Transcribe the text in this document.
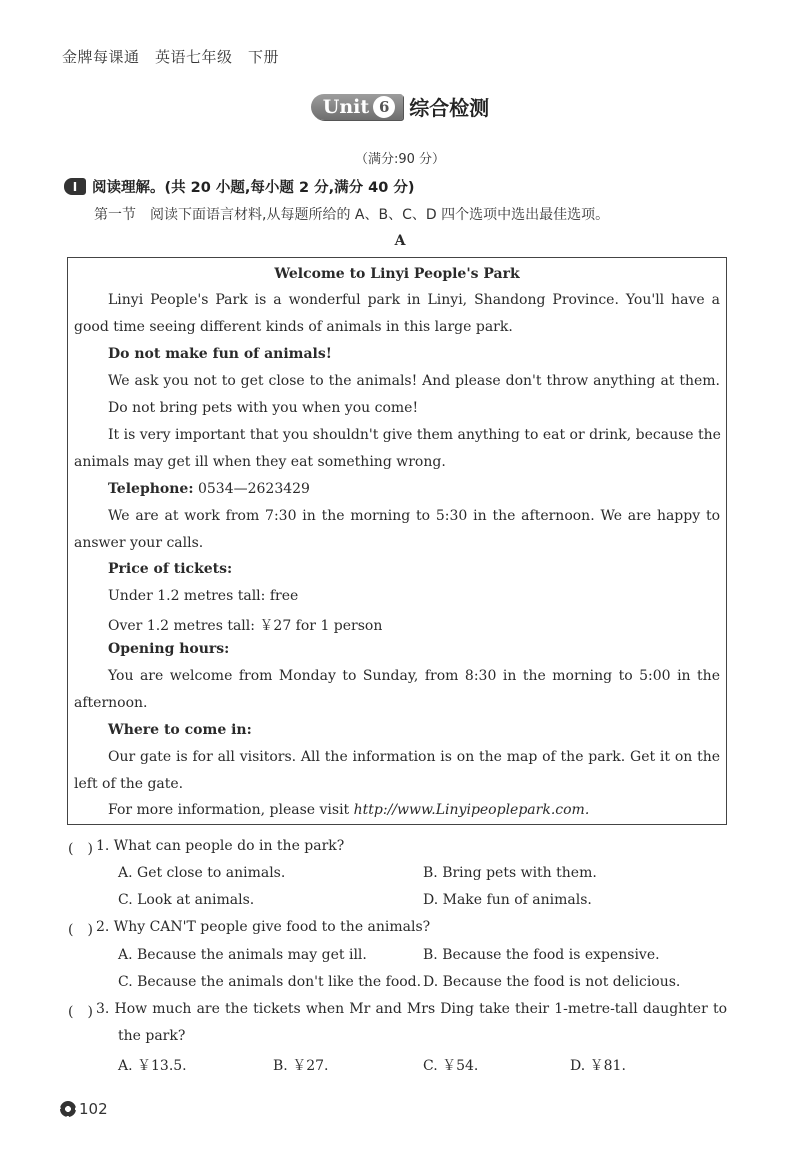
金牌每课通　英语七年级　下册
Unit 6 综合检测
（满分:90 分）
Ⅰ	阅读理解。(共 20 小题,每小题 2 分,满分 40 分)
第一节　阅读下面语言材料,从每题所给的 A、B、C、D 四个选项中选出最佳选项。
A
Welcome to Linyi People's Park
Linyi People's Park is a wonderful park in Linyi, Shandong Province. You'll have a
good time seeing different kinds of animals in this large park.
Do not make fun of animals!
We ask you not to get close to the animals! And please don't throw anything at them.
Do not bring pets with you when you come!
It is very important that you shouldn't give them anything to eat or drink, because the
animals may get ill when they eat something wrong.
Telephone: 0534—2623429
We are at work from 7:30 in the morning to 5:30 in the afternoon. We are happy to
answer your calls.
Price of tickets:
Under 1.2 metres tall: free
Over 1.2 metres tall: ￥27 for 1 person
Opening hours:
You are welcome from Monday to Sunday, from 8:30 in the morning to 5:00 in the
afternoon.
Where to come in:
Our gate is for all visitors. All the information is on the map of the park. Get it on the
left of the gate.
For more information, please visit http://www.Linyipeoplepark.com.
(　) 1. What can people do in the park?
A. Get close to animals.	B. Bring pets with them.
C. Look at animals.	D. Make fun of animals.
(　) 2. Why CAN'T people give food to the animals?
A. Because the animals may get ill.	B. Because the food is expensive.
C. Because the animals don't like the food. D. Because the food is not delicious.
(　) 3. How much are the tickets when Mr and Mrs Ding take their 1-metre-tall daughter to
the park?
A. ￥13.5.	B. ￥27.	C. ￥54.	D. ￥81.
102
